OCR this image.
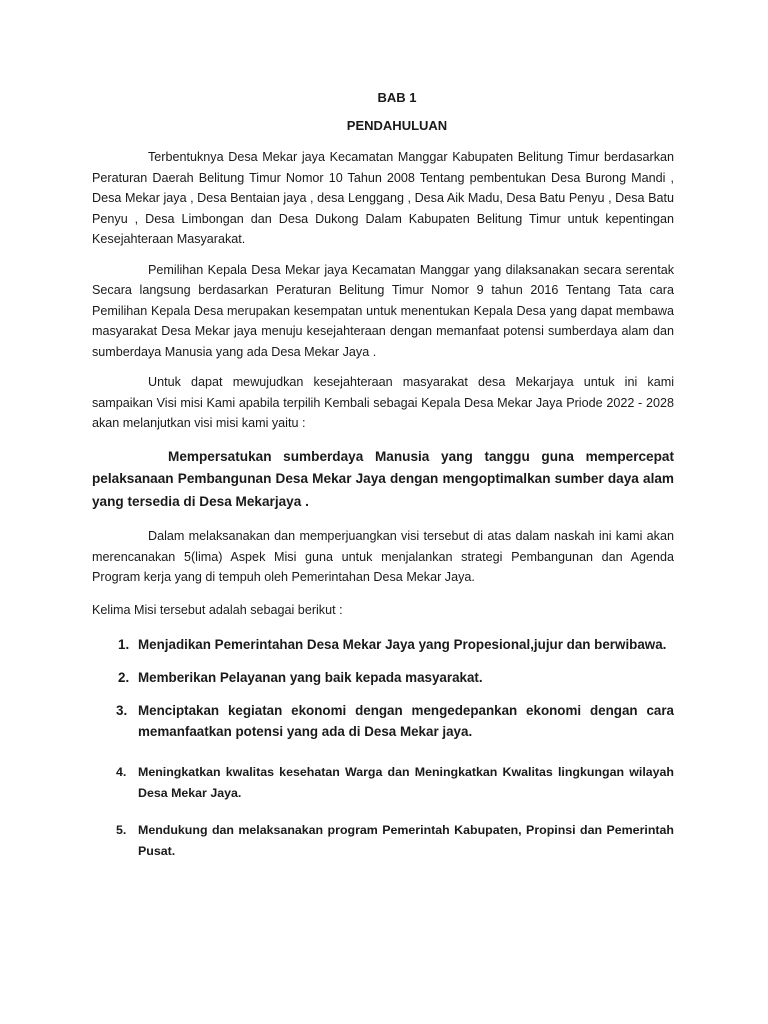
BAB 1
PENDAHULUAN

Terbentuknya Desa Mekar jaya Kecamatan Manggar Kabupaten Belitung Timur berdasarkan Peraturan Daerah Belitung Timur Nomor 10 Tahun 2008 Tentang pembentukan Desa Burong Mandi , Desa Mekar jaya , Desa Bentaian jaya , desa Lenggang , Desa Aik Madu, Desa Batu Penyu , Desa Batu Penyu , Desa Limbongan dan Desa Dukong Dalam Kabupaten Belitung Timur untuk kepentingan Kesejahteraan Masyarakat.

Pemilihan Kepala Desa Mekar jaya Kecamatan Manggar yang dilaksanakan secara serentak Secara langsung berdasarkan Peraturan Belitung Timur Nomor 9 tahun 2016 Tentang Tata cara Pemilihan Kepala Desa merupakan kesempatan untuk menentukan Kepala Desa yang dapat membawa masyarakat Desa Mekar jaya menuju kesejahteraan dengan memanfaat potensi sumberdaya alam dan sumberdaya Manusia yang ada Desa Mekar Jaya .

Untuk dapat mewujudkan kesejahteraan masyarakat desa Mekarjaya untuk ini kami sampaikan Visi misi Kami apabila terpilih Kembali sebagai Kepala Desa Mekar Jaya Priode 2022 - 2028 akan melanjutkan visi misi kami yaitu :

Mempersatukan sumberdaya Manusia yang tanggu guna mempercepat pelaksanaan Pembangunan Desa Mekar Jaya dengan mengoptimalkan sumber daya alam yang tersedia di Desa Mekarjaya .

Dalam melaksanakan dan memperjuangkan visi tersebut di atas dalam naskah ini kami akan merencanakan 5(lima) Aspek Misi guna untuk menjalankan strategi Pembangunan dan Agenda Program kerja yang di tempuh oleh Pemerintahan Desa Mekar Jaya.

Kelima Misi tersebut adalah sebagai berikut :

1. Menjadikan Pemerintahan Desa Mekar Jaya yang Propesional,jujur dan berwibawa.
2. Memberikan Pelayanan yang baik kepada masyarakat.
3. Menciptakan kegiatan ekonomi dengan mengedepankan ekonomi dengan cara memanfaatkan potensi yang ada di Desa Mekar jaya.
4. Meningkatkan kwalitas kesehatan Warga dan Meningkatkan Kwalitas lingkungan wilayah Desa Mekar Jaya.
5. Mendukung dan melaksanakan program Pemerintah Kabupaten, Propinsi dan Pemerintah Pusat.
